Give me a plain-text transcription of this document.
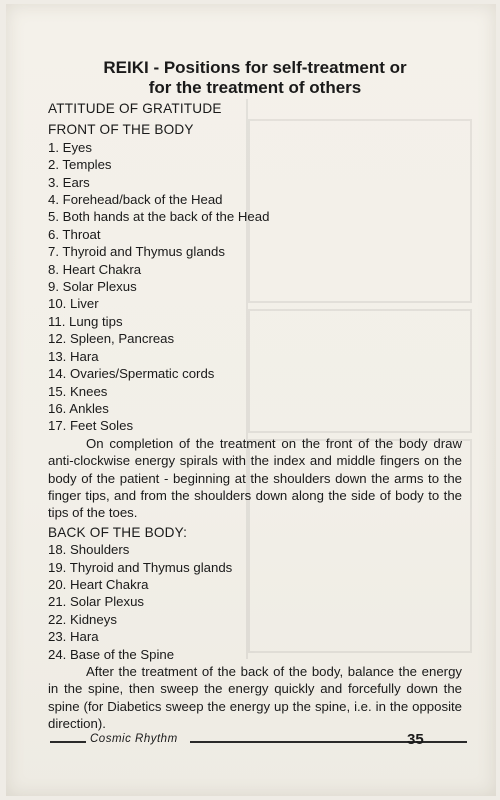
REIKI - Positions for self-treatment or
for the treatment of others
ATTITUDE OF GRATITUDE
FRONT OF THE BODY
1. Eyes
2. Temples
3. Ears
4. Forehead/back of the Head
5. Both hands at the back of the Head
6. Throat
7. Thyroid and Thymus glands
8. Heart Chakra
9. Solar Plexus
10. Liver
11. Lung tips
12. Spleen, Pancreas
13. Hara
14. Ovaries/Spermatic cords
15. Knees
16. Ankles
17. Feet Soles

On completion of the treatment on the front of the body draw anti-clockwise energy spirals with the index and middle fingers on the body of the patient - beginning at the shoulders down the arms to the finger tips, and from the shoulders down along the side of body to the tips of the toes.

BACK OF THE BODY:
18. Shoulders
19. Thyroid and Thymus glands
20. Heart Chakra
21. Solar Plexus
22. Kidneys
23. Hara
24. Base of the Spine

After the treatment of the back of the body, balance the energy in the spine, then sweep the energy quickly and forcefully down the spine (for Diabetics sweep the energy up the spine, i.e. in the opposite direction).

Cosmic Rhythm	35
